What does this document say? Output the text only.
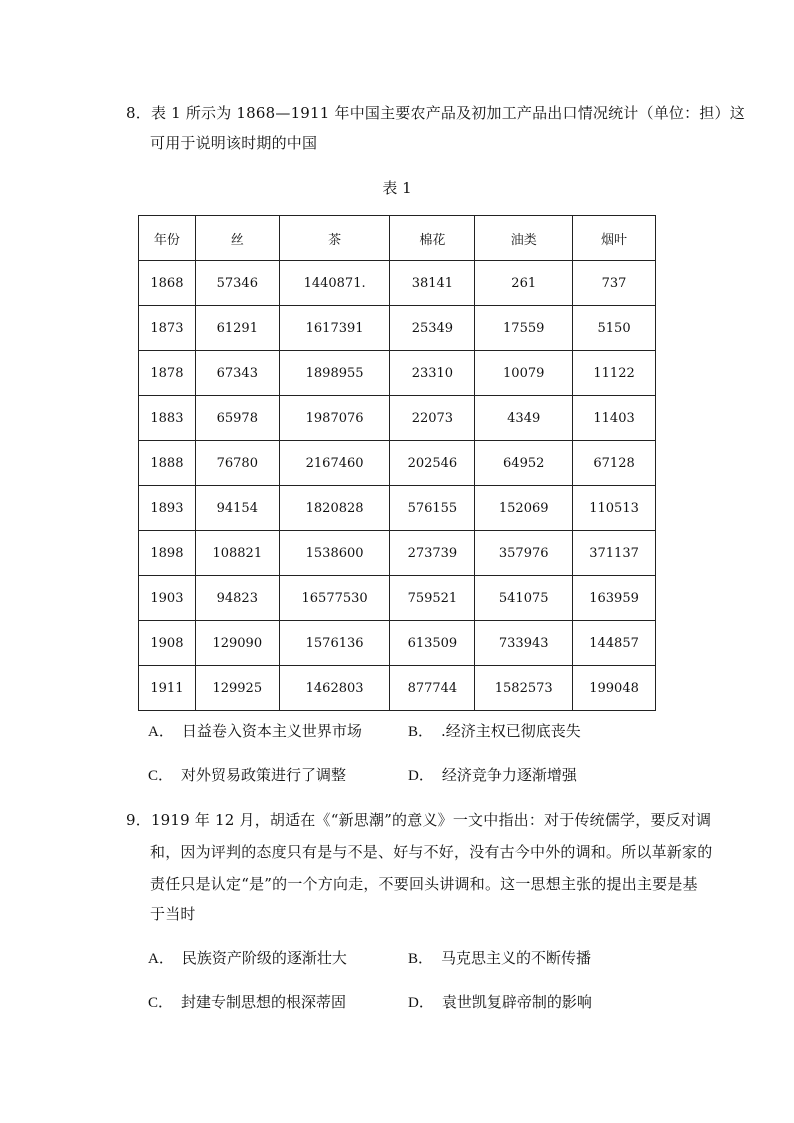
8．表 1 所示为 1868—1911 年中国主要农产品及初加工产品出口情况统计（单位：担）这
可用于说明该时期的中国
表 1
年份	丝	茶	棉花	油类	烟叶
1868	57346	1440871.	38141	261	737
1873	61291	1617391	25349	17559	5150
1878	67343	1898955	23310	10079	11122
1883	65978	1987076	22073	4349	11403
1888	76780	2167460	202546	64952	67128
1893	94154	1820828	576155	152069	110513
1898	108821	1538600	273739	357976	371137
1903	94823	16577530	759521	541075	163959
1908	129090	1576136	613509	733943	144857
1911	129925	1462803	877744	1582573	199048
A． 日益卷入资本主义世界市场	B． .经济主权已彻底丧失
C． 对外贸易政策进行了调整	D． 经济竞争力逐渐增强
9．1919 年 12 月，胡适在《“新思潮”的意义》一文中指出：对于传统儒学，要反对调
和，因为评判的态度只有是与不是、好与不好，没有古今中外的调和。所以革新家的
责任只是认定“是”的一个方向走，不要回头讲调和。这一思想主张的提出主要是基
于当时
A． 民族资产阶级的逐渐壮大	B． 马克思主义的不断传播
C． 封建专制思想的根深蒂固	D． 袁世凯复辟帝制的影响
